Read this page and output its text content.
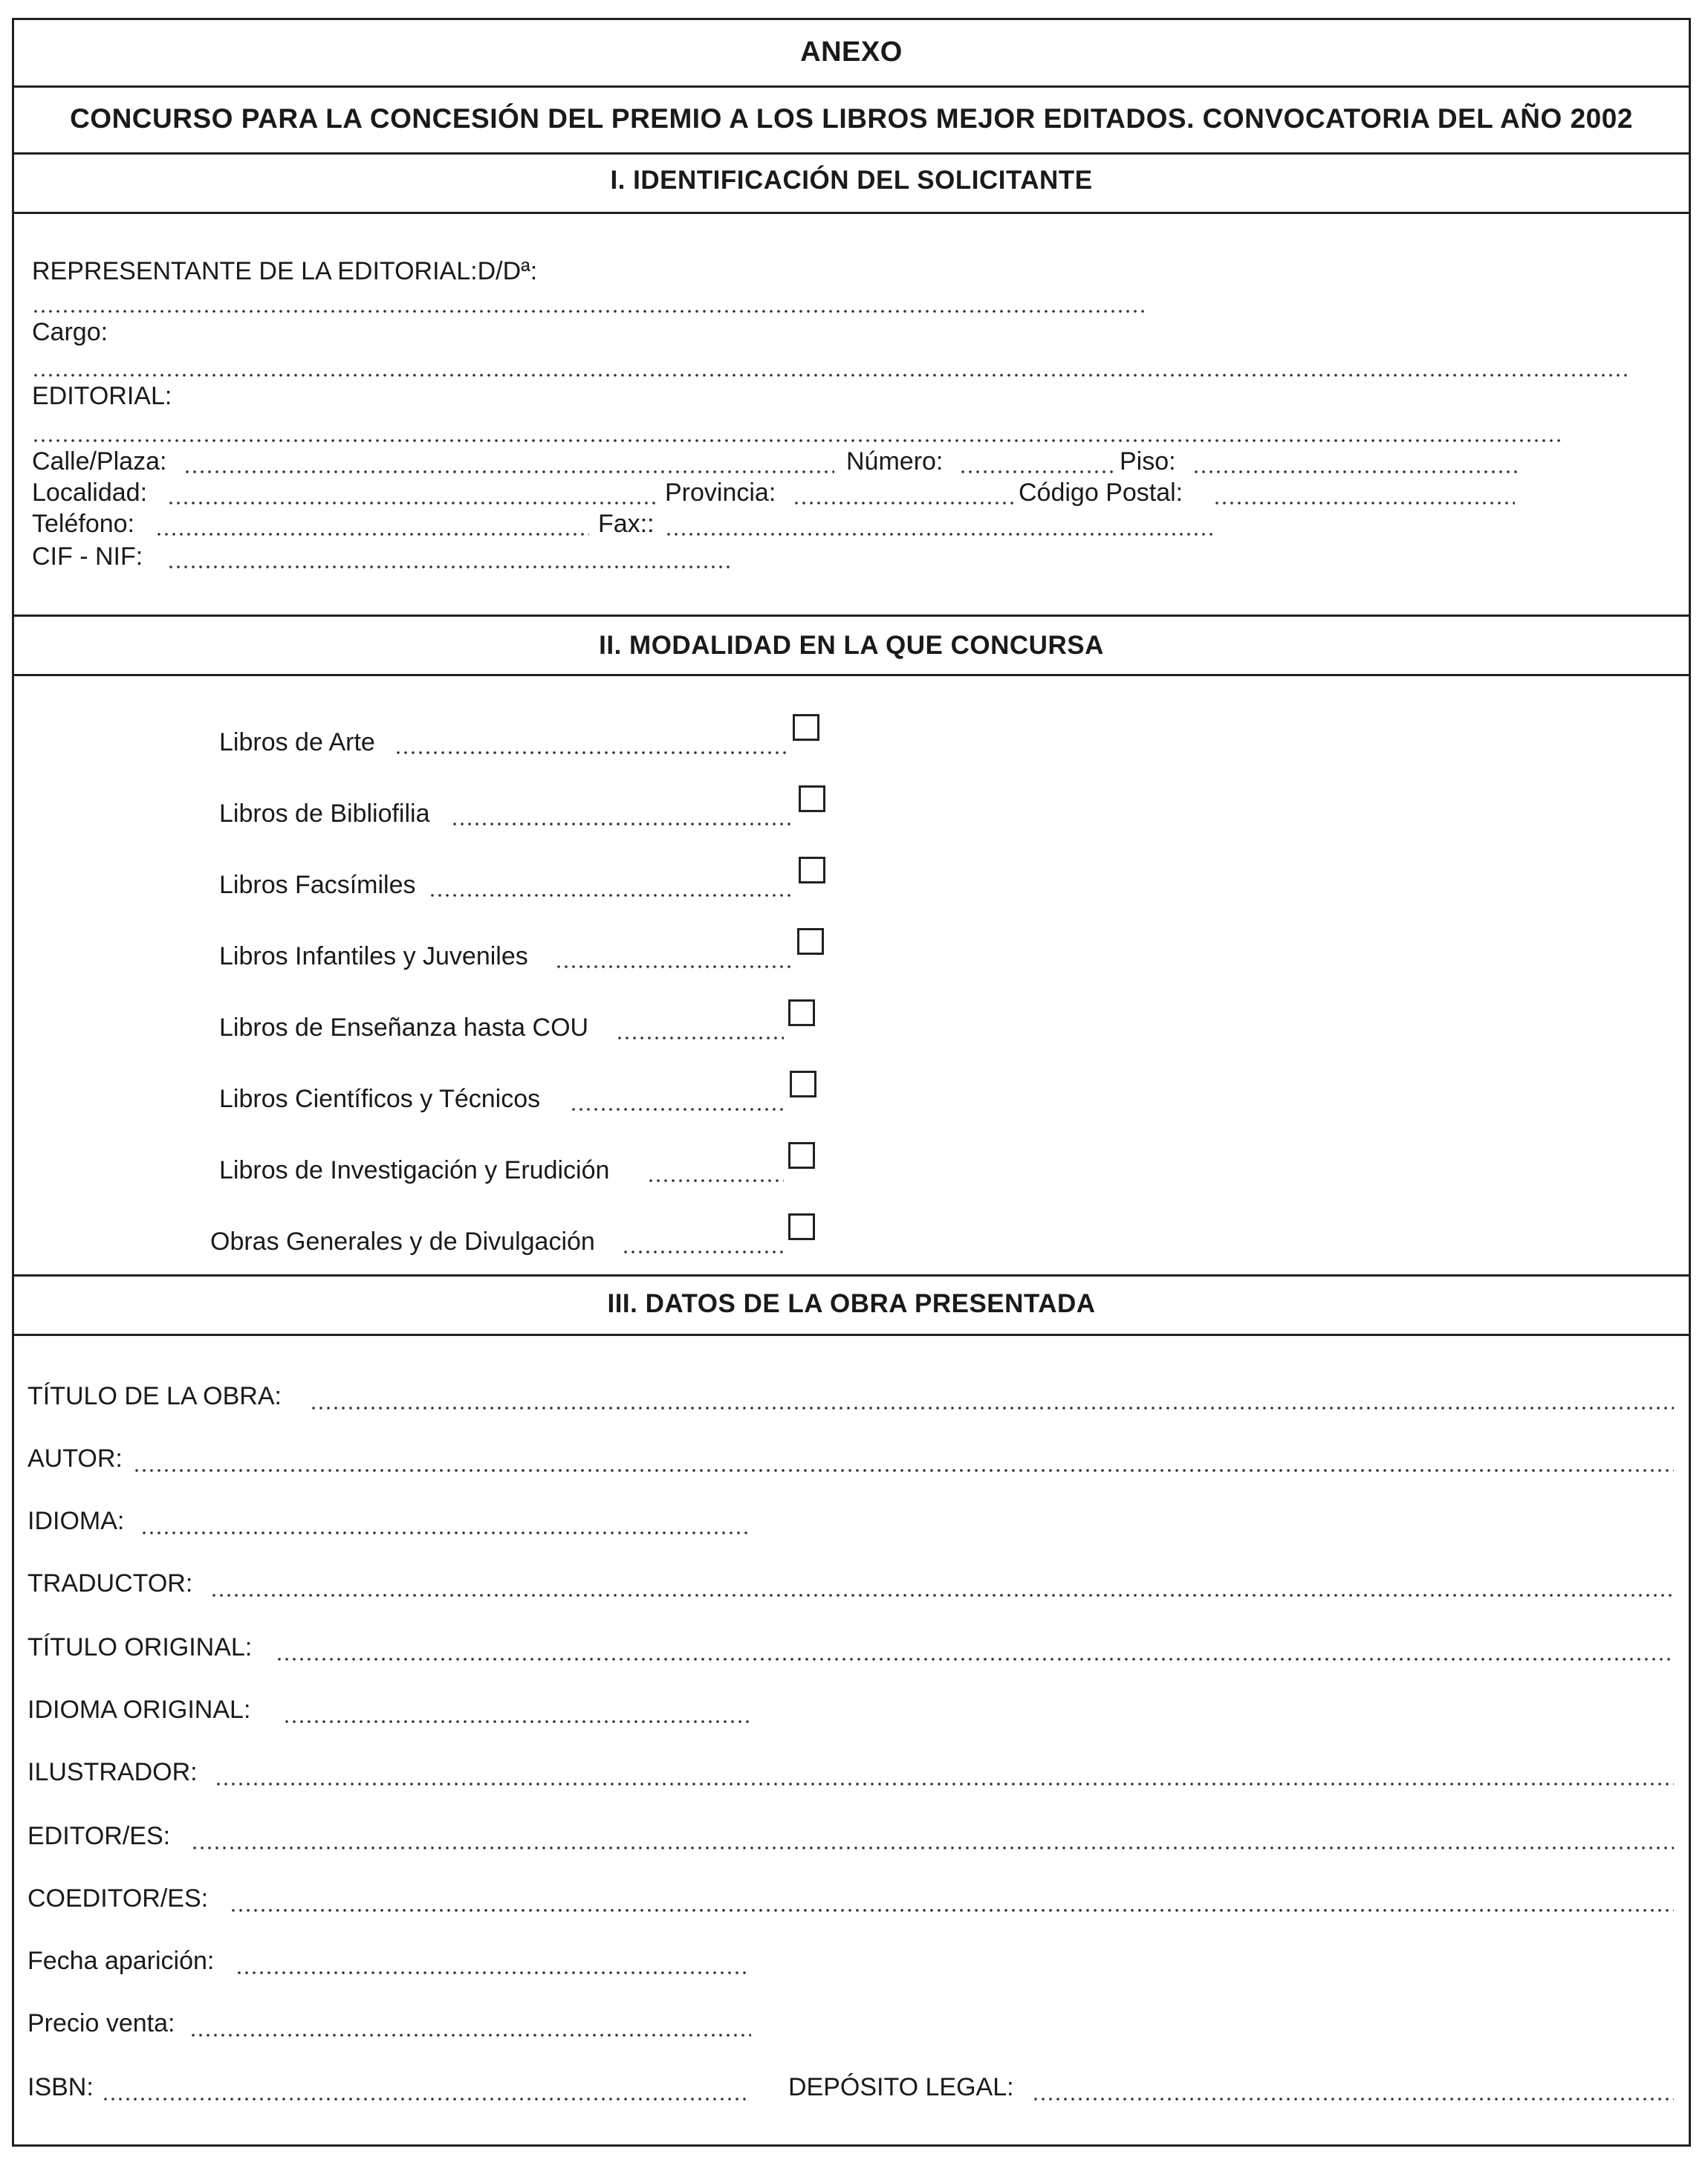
ANEXO
CONCURSO PARA LA CONCESIÓN DEL PREMIO A LOS LIBROS MEJOR EDITADOS. CONVOCATORIA DEL AÑO 2002
I. IDENTIFICACIÓN DEL SOLICITANTE
REPRESENTANTE DE LA EDITORIAL:D/Dª:
Cargo:
EDITORIAL:
Calle/Plaza:	Número:	Piso:
Localidad:	Provincia:	Código Postal:
Teléfono:	Fax::
CIF - NIF:
II. MODALIDAD EN LA QUE CONCURSA
Libros de Arte
Libros de Bibliofilia
Libros Facsímiles
Libros Infantiles y Juveniles
Libros de Enseñanza hasta COU
Libros Científicos y Técnicos
Libros de Investigación y Erudición
Obras Generales y de Divulgación
III. DATOS DE LA OBRA PRESENTADA
TÍTULO DE LA OBRA:
AUTOR:
IDIOMA:
TRADUCTOR:
TÍTULO ORIGINAL:
IDIOMA ORIGINAL:
ILUSTRADOR:
EDITOR/ES:
COEDITOR/ES:
Fecha aparición:
Precio venta:
ISBN:	DEPÓSITO LEGAL:
